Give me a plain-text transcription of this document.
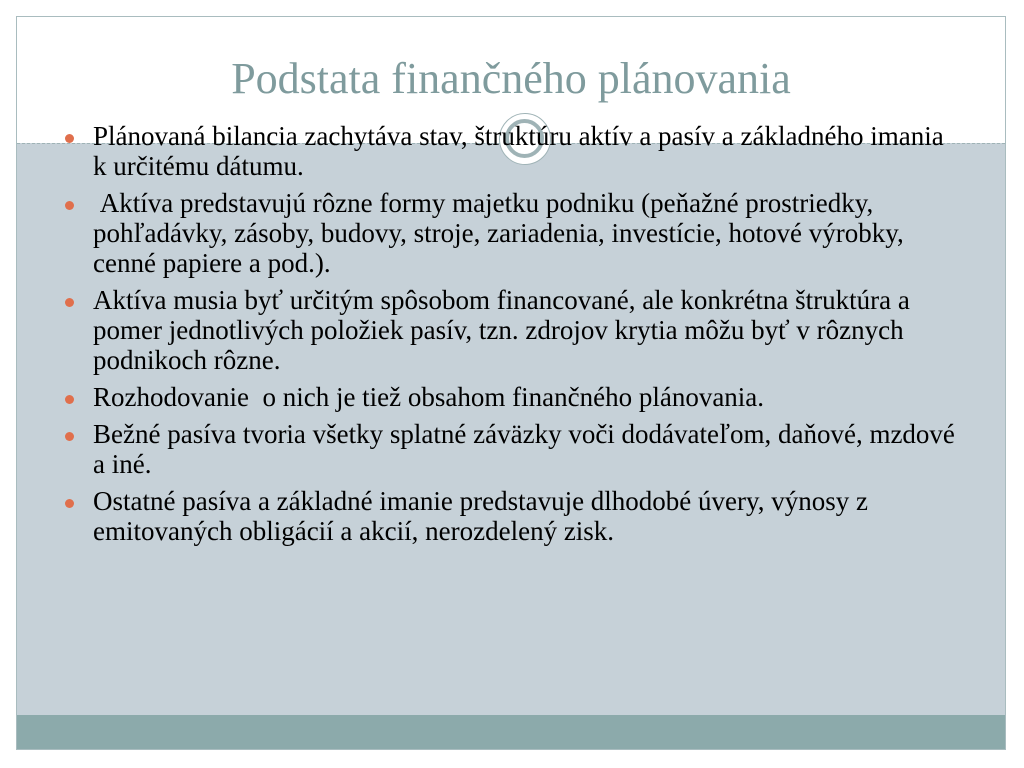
Podstata finančného plánovania
Plánovaná bilancia zachytáva stav, štruktúru aktív a pasív a základného imania k určitému dátumu.
Aktíva predstavujú rôzne formy majetku podniku (peňažné prostriedky, pohľadávky, zásoby, budovy, stroje, zariadenia, investície, hotové výrobky, cenné papiere a pod.).
Aktíva musia byť určitým spôsobom financované, ale konkrétna štruktúra a pomer jednotlivých položiek pasív, tzn. zdrojov krytia môžu byť v rôznych podnikoch rôzne.
Rozhodovanie  o nich je tiež obsahom finančného plánovania.
Bežné pasíva tvoria všetky splatné záväzky voči dodávateľom, daňové, mzdové a iné.
Ostatné pasíva a základné imanie predstavuje dlhodobé úvery, výnosy z emitovaných obligácií a akcií, nerozdelený zisk.
